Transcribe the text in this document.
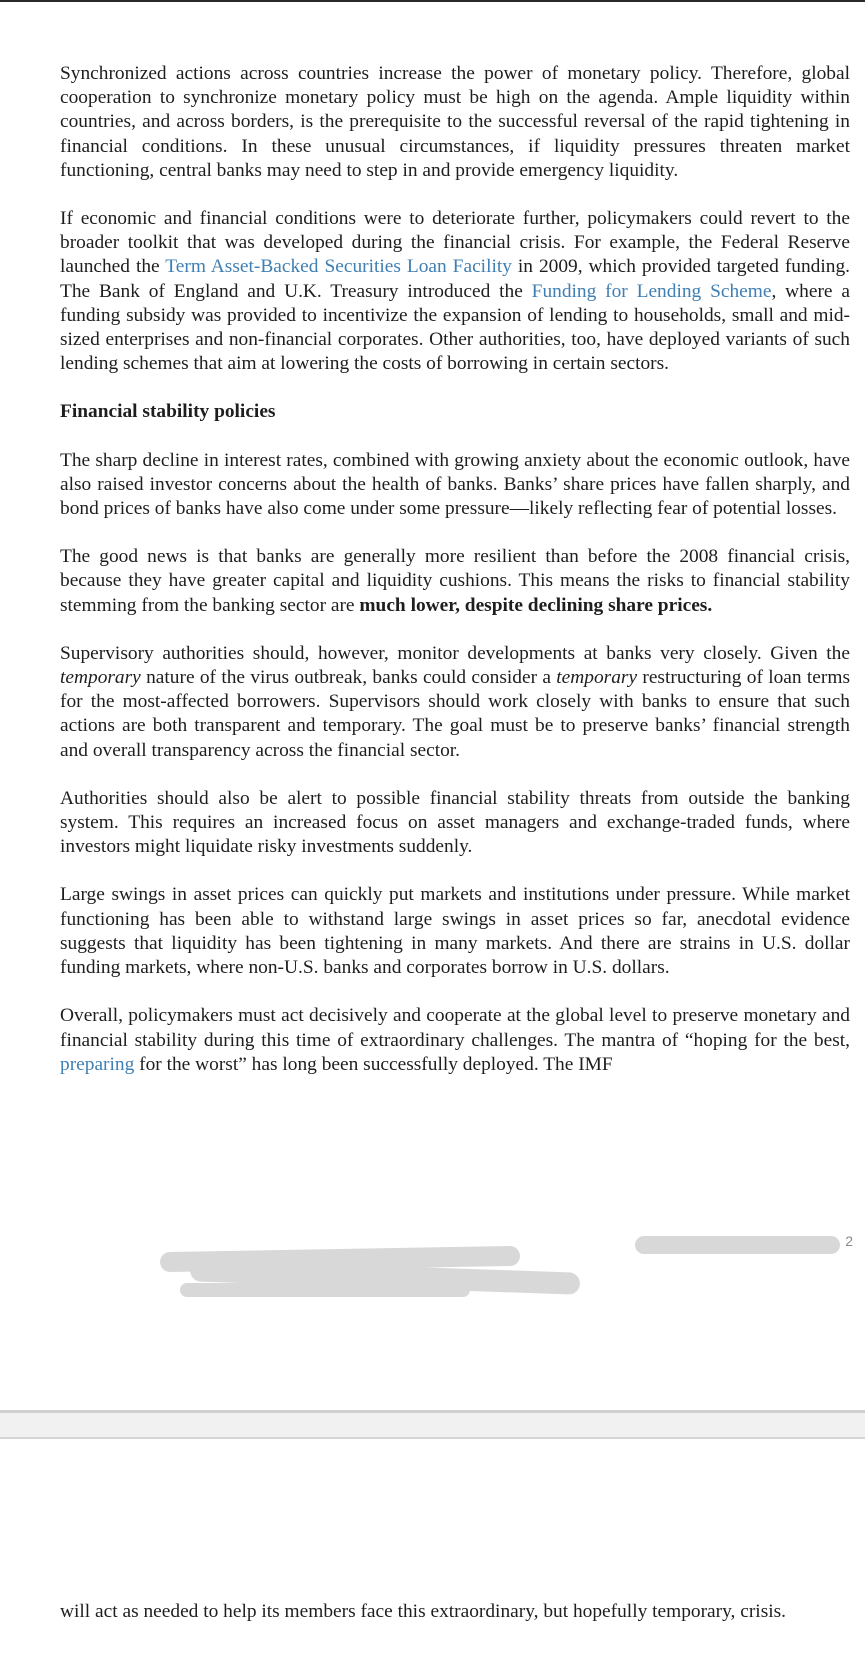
Synchronized actions across countries increase the power of monetary policy. Therefore, global cooperation to synchronize monetary policy must be high on the agenda. Ample liquidity within countries, and across borders, is the prerequisite to the successful reversal of the rapid tightening in financial conditions. In these unusual circumstances, if liquidity pressures threaten market functioning, central banks may need to step in and provide emergency liquidity.

If economic and financial conditions were to deteriorate further, policymakers could revert to the broader toolkit that was developed during the financial crisis. For example, the Federal Reserve launched the Term Asset-Backed Securities Loan Facility in 2009, which provided targeted funding. The Bank of England and U.K. Treasury introduced the Funding for Lending Scheme, where a funding subsidy was provided to incentivize the expansion of lending to households, small and mid-sized enterprises and non-financial corporates. Other authorities, too, have deployed variants of such lending schemes that aim at lowering the costs of borrowing in certain sectors.

Financial stability policies

The sharp decline in interest rates, combined with growing anxiety about the economic outlook, have also raised investor concerns about the health of banks. Banks’ share prices have fallen sharply, and bond prices of banks have also come under some pressure—likely reflecting fear of potential losses.

The good news is that banks are generally more resilient than before the 2008 financial crisis, because they have greater capital and liquidity cushions. This means the risks to financial stability stemming from the banking sector are much lower, despite declining share prices.

Supervisory authorities should, however, monitor developments at banks very closely. Given the temporary nature of the virus outbreak, banks could consider a temporary restructuring of loan terms for the most-affected borrowers. Supervisors should work closely with banks to ensure that such actions are both transparent and temporary. The goal must be to preserve banks’ financial strength and overall transparency across the financial sector.

Authorities should also be alert to possible financial stability threats from outside the banking system. This requires an increased focus on asset managers and exchange-traded funds, where investors might liquidate risky investments suddenly.

Large swings in asset prices can quickly put markets and institutions under pressure. While market functioning has been able to withstand large swings in asset prices so far, anecdotal evidence suggests that liquidity has been tightening in many markets. And there are strains in U.S. dollar funding markets, where non-U.S. banks and corporates borrow in U.S. dollars.

Overall, policymakers must act decisively and cooperate at the global level to preserve monetary and financial stability during this time of extraordinary challenges. The mantra of “hoping for the best, preparing for the worst” has long been successfully deployed. The IMF

2

will act as needed to help its members face this extraordinary, but hopefully temporary, crisis.
